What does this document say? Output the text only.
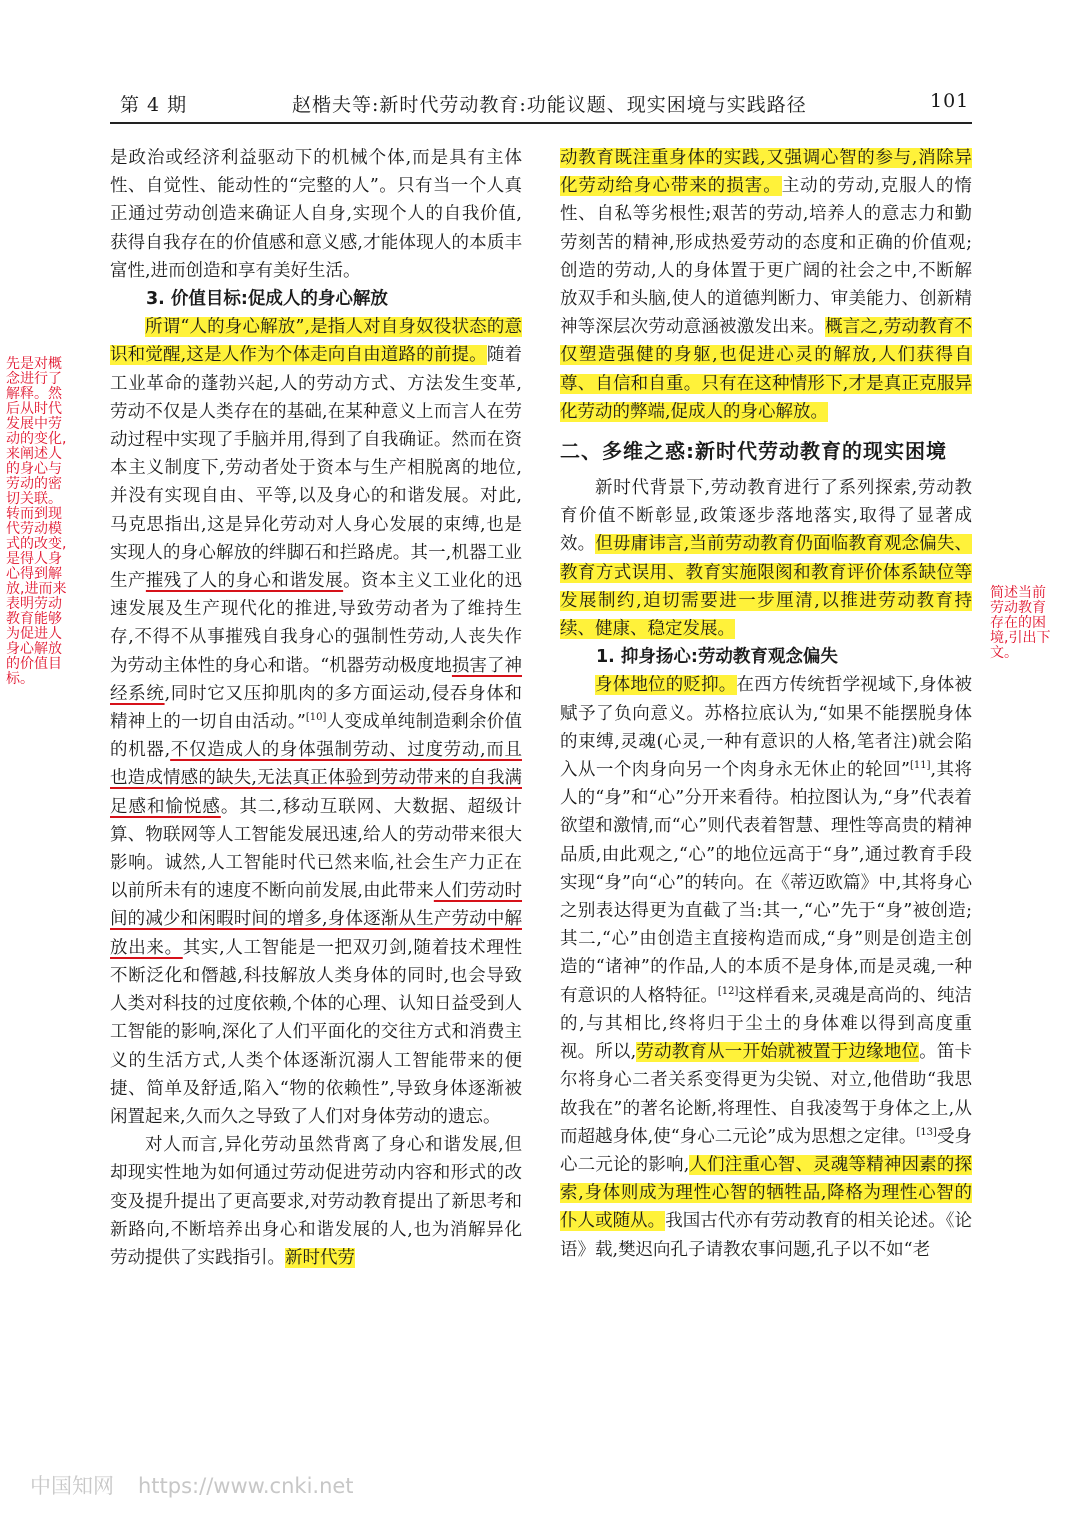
第 4 期	赵楷夫等:新时代劳动教育:功能议题、现实困境与实践路径	101

是政治或经济利益驱动下的机械个体,而是具有主体性、自觉性、能动性的“完整的人”。只有当一个人真正通过劳动创造来确证人自身,实现个人的自我价值,获得自我存在的价值感和意义感,才能体现人的本质丰富性,进而创造和享有美好生活。

3. 价值目标:促成人的身心解放

所谓“人的身心解放”,是指人对自身奴役状态的意识和觉醒,这是人作为个体走向自由道路的前提。随着工业革命的蓬勃兴起,人的劳动方式、方法发生变革,劳动不仅是人类存在的基础,在某种意义上而言人在劳动过程中实现了手脑并用,得到了自我确证。然而在资本主义制度下,劳动者处于资本与生产相脱离的地位,并没有实现自由、平等,以及身心的和谐发展。对此,马克思指出,这是异化劳动对人身心发展的束缚,也是实现人的身心解放的绊脚石和拦路虎。其一,机器工业生产摧残了人的身心和谐发展。资本主义工业化的迅速发展及生产现代化的推进,导致劳动者为了维持生存,不得不从事摧残自我身心的强制性劳动,人丧失作为劳动主体性的身心和谐。“机器劳动极度地损害了神经系统,同时它又压抑肌肉的多方面运动,侵吞身体和精神上的一切自由活动。”[10]人变成单纯制造剩余价值的机器,不仅造成人的身体强制劳动、过度劳动,而且也造成情感的缺失,无法真正体验到劳动带来的自我满足感和愉悦感。其二,移动互联网、大数据、超级计算、物联网等人工智能发展迅速,给人的劳动带来很大影响。诚然,人工智能时代已然来临,社会生产力正在以前所未有的速度不断向前发展,由此带来人们劳动时间的减少和闲暇时间的增多,身体逐渐从生产劳动中解放出来。其实,人工智能是一把双刃剑,随着技术理性不断泛化和僭越,科技解放人类身体的同时,也会导致人类对科技的过度依赖,个体的心理、认知日益受到人工智能的影响,深化了人们平面化的交往方式和消费主义的生活方式,人类个体逐渐沉溺人工智能带来的便捷、简单及舒适,陷入“物的依赖性”,导致身体逐渐被闲置起来,久而久之导致了人们对身体劳动的遗忘。

对人而言,异化劳动虽然背离了身心和谐发展,但却现实性地为如何通过劳动促进劳动内容和形式的改变及提升提出了更高要求,对劳动教育提出了新思考和新路向,不断培养出身心和谐发展的人,也为消解异化劳动提供了实践指引。新时代劳

动教育既注重身体的实践,又强调心智的参与,消除异化劳动给身心带来的损害。主动的劳动,克服人的惰性、自私等劣根性;艰苦的劳动,培养人的意志力和勤劳刻苦的精神,形成热爱劳动的态度和正确的价值观;创造的劳动,人的身体置于更广阔的社会之中,不断解放双手和头脑,使人的道德判断力、审美能力、创新精神等深层次劳动意涵被激发出来。概言之,劳动教育不仅塑造强健的身躯,也促进心灵的解放,人们获得自尊、自信和自重。只有在这种情形下,才是真正克服异化劳动的弊端,促成人的身心解放。

二、多维之惑:新时代劳动教育的现实困境

新时代背景下,劳动教育进行了系列探索,劳动教育价值不断彰显,政策逐步落地落实,取得了显著成效。但毋庸讳言,当前劳动教育仍面临教育观念偏失、教育方式误用、教育实施限阂和教育评价体系缺位等发展制约,迫切需要进一步厘清,以推进劳动教育持续、健康、稳定发展。

1. 抑身扬心:劳动教育观念偏失

身体地位的贬抑。在西方传统哲学视域下,身体被赋予了负向意义。苏格拉底认为,“如果不能摆脱身体的束缚,灵魂(心灵,一种有意识的人格,笔者注)就会陷入从一个肉身向另一个肉身永无休止的轮回”[11],其将人的“身”和“心”分开来看待。柏拉图认为,“身”代表着欲望和激情,而“心”则代表着智慧、理性等高贵的精神品质,由此观之,“心”的地位远高于“身”,通过教育手段实现“身”向“心”的转向。在《蒂迈欧篇》中,其将身心之别表达得更为直截了当:其一,“心”先于“身”被创造;其二,“心”由创造主直接构造而成,“身”则是创造主创造的“诸神”的作品,人的本质不是身体,而是灵魂,一种有意识的人格特征。[12]这样看来,灵魂是高尚的、纯洁的,与其相比,终将归于尘土的身体难以得到高度重视。所以,劳动教育从一开始就被置于边缘地位。笛卡尔将身心二者关系变得更为尖锐、对立,他借助“我思故我在”的著名论断,将理性、自我凌驾于身体之上,从而超越身体,使“身心二元论”成为思想之定律。[13]受身心二元论的影响,人们注重心智、灵魂等精神因素的探索,身体则成为理性心智的牺牲品,降格为理性心智的仆人或随从。我国古代亦有劳动教育的相关论述。《论语》载,樊迟向孔子请教农事问题,孔子以不如“老

先是对概念进行了解释。然后从时代发展中劳动的变化,来阐述人的身心与劳动的密切关联。转而到现代劳动模式的改变,是得人身心得到解放,进而来表明劳动教育能够为促进人身心解放的价值目标。
简述当前劳动教育存在的困境,引出下文。
中国知网 https://www.cnki.net
